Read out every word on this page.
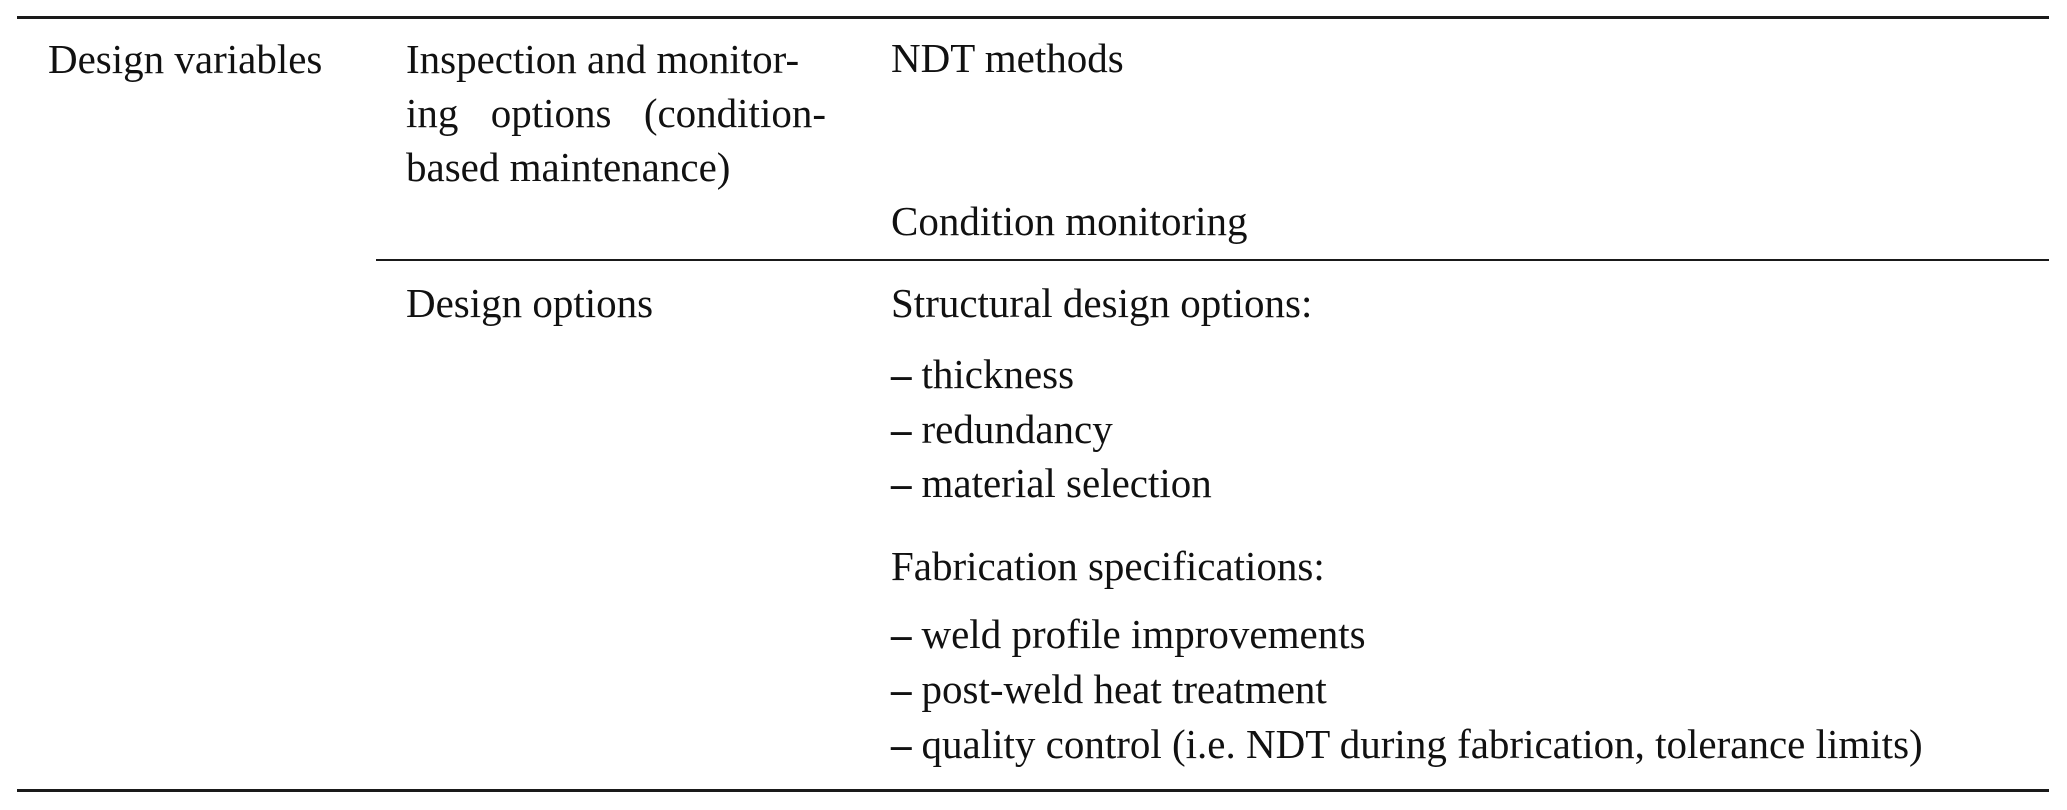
Design variables Inspection and monitor-
ing options (condition-
based maintenance)
NDT methods
Condition monitoring
Design options	Structural design options:
– thickness
– redundancy
– material selection
Fabrication specifications:
– weld profile improvements
– post-weld heat treatment
– quality control (i.e. NDT during fabrication, tolerance limits)
